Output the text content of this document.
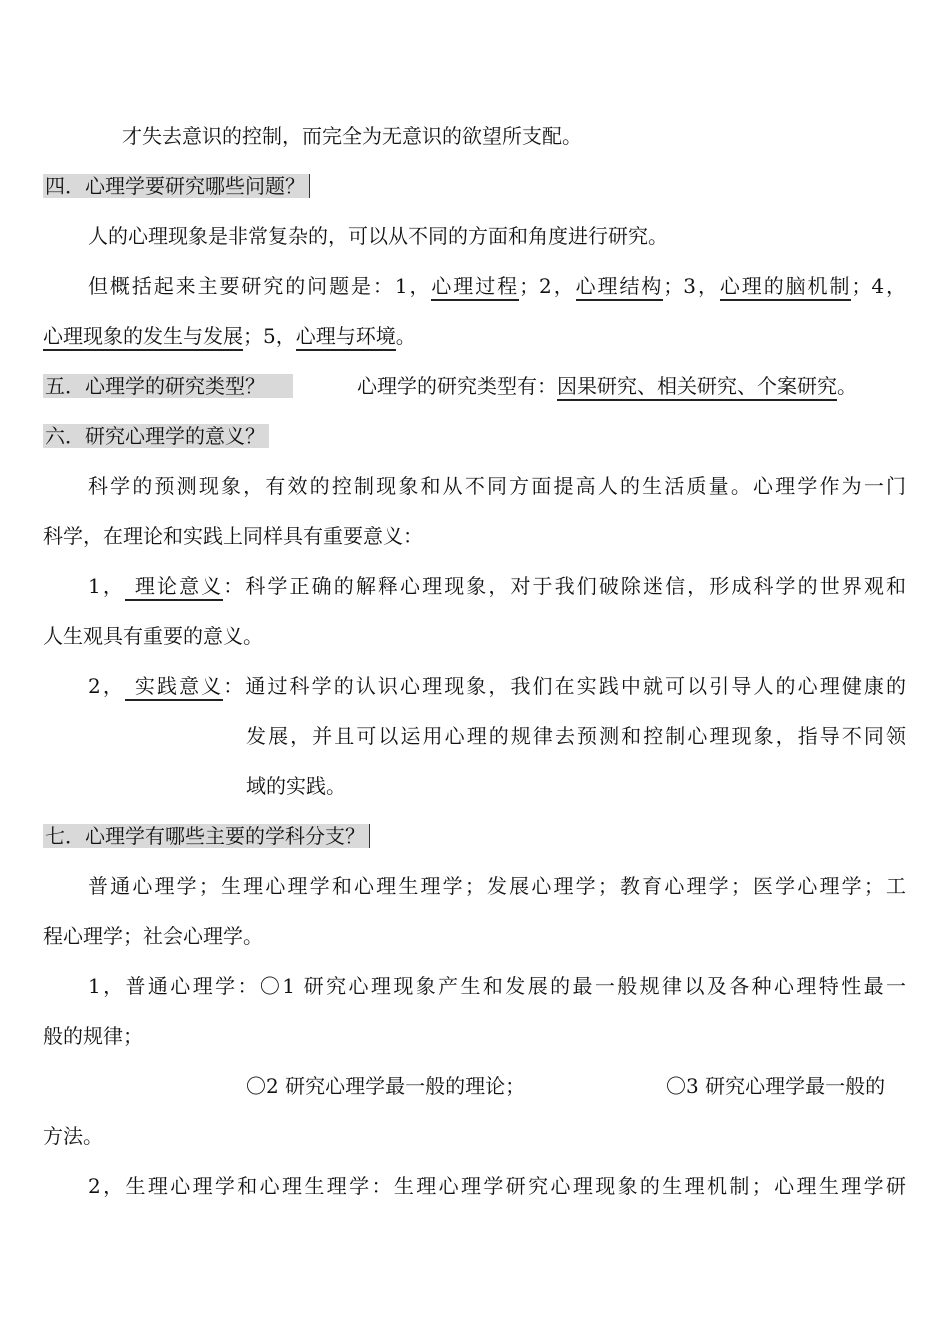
才失去意识的控制，而完全为无意识的欲望所支配。
四．心理学要研究哪些问题？
人的心理现象是非常复杂的，可以从不同的方面和角度进行研究。
但概括起来主要研究的问题是：1，心理过程；2，心理结构；3，心理的脑机制；4，
心理现象的发生与发展；5，心理与环境。
五．心理学的研究类型？	心理学的研究类型有：因果研究、相关研究、个案研究。
六．研究心理学的意义？
科学的预测现象，有效的控制现象和从不同方面提高人的生活质量。心理学作为一门
科学，在理论和实践上同样具有重要意义：
1， 理论意义：科学正确的解释心理现象，对于我们破除迷信，形成科学的世界观和
人生观具有重要的意义。
2， 实践意义：通过科学的认识心理现象，我们在实践中就可以引导人的心理健康的
发展，并且可以运用心理的规律去预测和控制心理现象，指导不同领
域的实践。
七．心理学有哪些主要的学科分支？
普通心理学；生理心理学和心理生理学；发展心理学；教育心理学；医学心理学；工
程心理学；社会心理学。
1，普通心理学：〇1 研究心理现象产生和发展的最一般规律以及各种心理特性最一
般的规律；
〇2 研究心理学最一般的理论；	〇3 研究心理学最一般的
方法。
2，生理心理学和心理生理学：生理心理学研究心理现象的生理机制；心理生理学研
